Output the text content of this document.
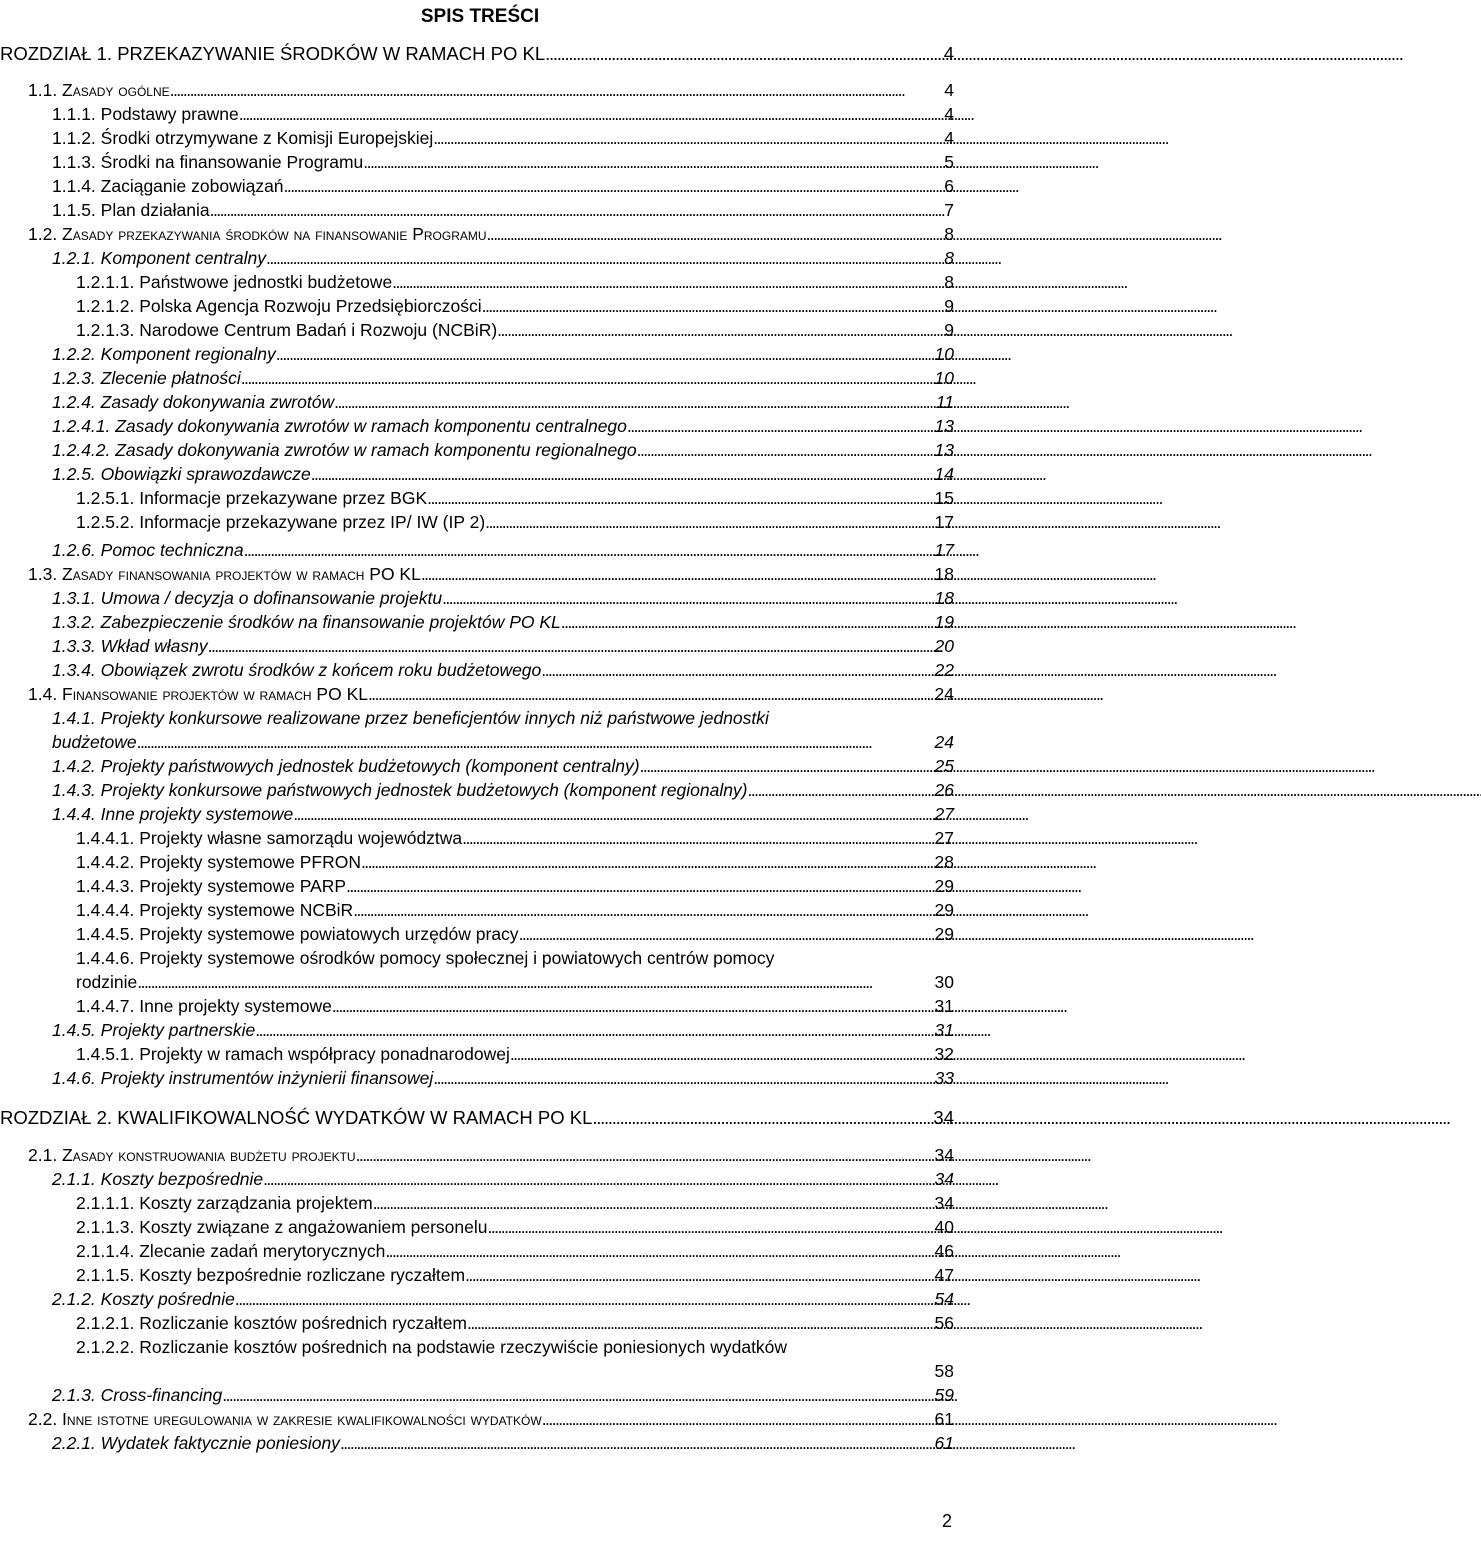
SPIS TREŚCI
ROZDZIAŁ 1. PRZEKAZYWANIE ŚRODKÓW W RAMACH PO KL . . .	4
1.1. Zasady ogólne . . .	4
1.1.1. Podstawy prawne . . .	4
1.1.2. Środki otrzymywane z Komisji Europejskiej . . .	4
1.1.3. Środki na finansowanie Programu . . .	5
1.1.4. Zaciąganie zobowiązań . . .	6
1.1.5. Plan działania . . .	7
1.2. Zasady przekazywania środków na finansowanie Programu . . .	8
1.2.1. Komponent centralny . . .	8
1.2.1.1. Państwowe jednostki budżetowe . . .	8
1.2.1.2. Polska Agencja Rozwoju Przedsiębiorczości . . .	9
1.2.1.3. Narodowe Centrum Badań i Rozwoju (NCBiR) . . .	9
1.2.2. Komponent regionalny . . .	10
1.2.3. Zlecenie płatności . . .	10
1.2.4. Zasady dokonywania zwrotów . . .	11
1.2.4.1. Zasady dokonywania zwrotów w ramach komponentu centralnego . . .	13
1.2.4.2. Zasady dokonywania zwrotów w ramach komponentu regionalnego . . .	13
1.2.5. Obowiązki sprawozdawcze . . .	14
1.2.5.1. Informacje przekazywane przez BGK . . .	15
1.2.5.2. Informacje przekazywane przez IP/ IW (IP 2) . . .	17
1.2.6. Pomoc techniczna . . .	17
1.3. Zasady finansowania projektów w ramach PO KL . . .	18
1.3.1. Umowa / decyzja o dofinansowanie projektu . . .	18
1.3.2. Zabezpieczenie środków na finansowanie projektów PO KL . . .	19
1.3.3. Wkład własny . . .	20
1.3.4. Obowiązek zwrotu środków z końcem roku budżetowego . . .	22
1.4. Finansowanie projektów w ramach PO KL . . .	24
1.4.1. Projekty konkursowe realizowane przez beneficjentów innych niż państwowe jednostki
budżetowe . . .	24
1.4.2. Projekty państwowych jednostek budżetowych (komponent centralny) . . .	25
1.4.3. Projekty konkursowe państwowych jednostek budżetowych (komponent regionalny) . . .	26
1.4.4. Inne projekty systemowe . . .	27
1.4.4.1. Projekty własne samorządu województwa . . .	27
1.4.4.2. Projekty systemowe PFRON . . .	28
1.4.4.3. Projekty systemowe PARP . . .	29
1.4.4.4. Projekty systemowe NCBiR . . .	29
1.4.4.5. Projekty systemowe powiatowych urzędów pracy . . .	29
1.4.4.6. Projekty systemowe ośrodków pomocy społecznej i powiatowych centrów pomocy
rodzinie . . .	30
1.4.4.7. Inne projekty systemowe . . .	31
1.4.5. Projekty partnerskie . . .	31
1.4.5.1. Projekty w ramach współpracy ponadnarodowej . . .	32
1.4.6. Projekty instrumentów inżynierii finansowej . . .	33
ROZDZIAŁ 2. KWALIFIKOWALNOŚĆ WYDATKÓW W RAMACH PO KL . . .	34
2.1. Zasady konstruowania budżetu projektu . . .	34
2.1.1. Koszty bezpośrednie . . .	34
2.1.1.1. Koszty zarządzania projektem . . .	34
2.1.1.3. Koszty związane z angażowaniem personelu . . .	40
2.1.1.4. Zlecanie zadań merytorycznych . . .	46
2.1.1.5. Koszty bezpośrednie rozliczane ryczałtem . . .	47
2.1.2. Koszty pośrednie . . .	54
2.1.2.1. Rozliczanie kosztów pośrednich ryczałtem . . .	56
2.1.2.2. Rozliczanie kosztów pośrednich na podstawie rzeczywiście poniesionych wydatków
58
2.1.3. Cross-financing . . .	59
2.2. Inne istotne uregulowania w zakresie kwalifikowalności wydatków . . .	61
2.2.1. Wydatek faktycznie poniesiony . . .	61
2
